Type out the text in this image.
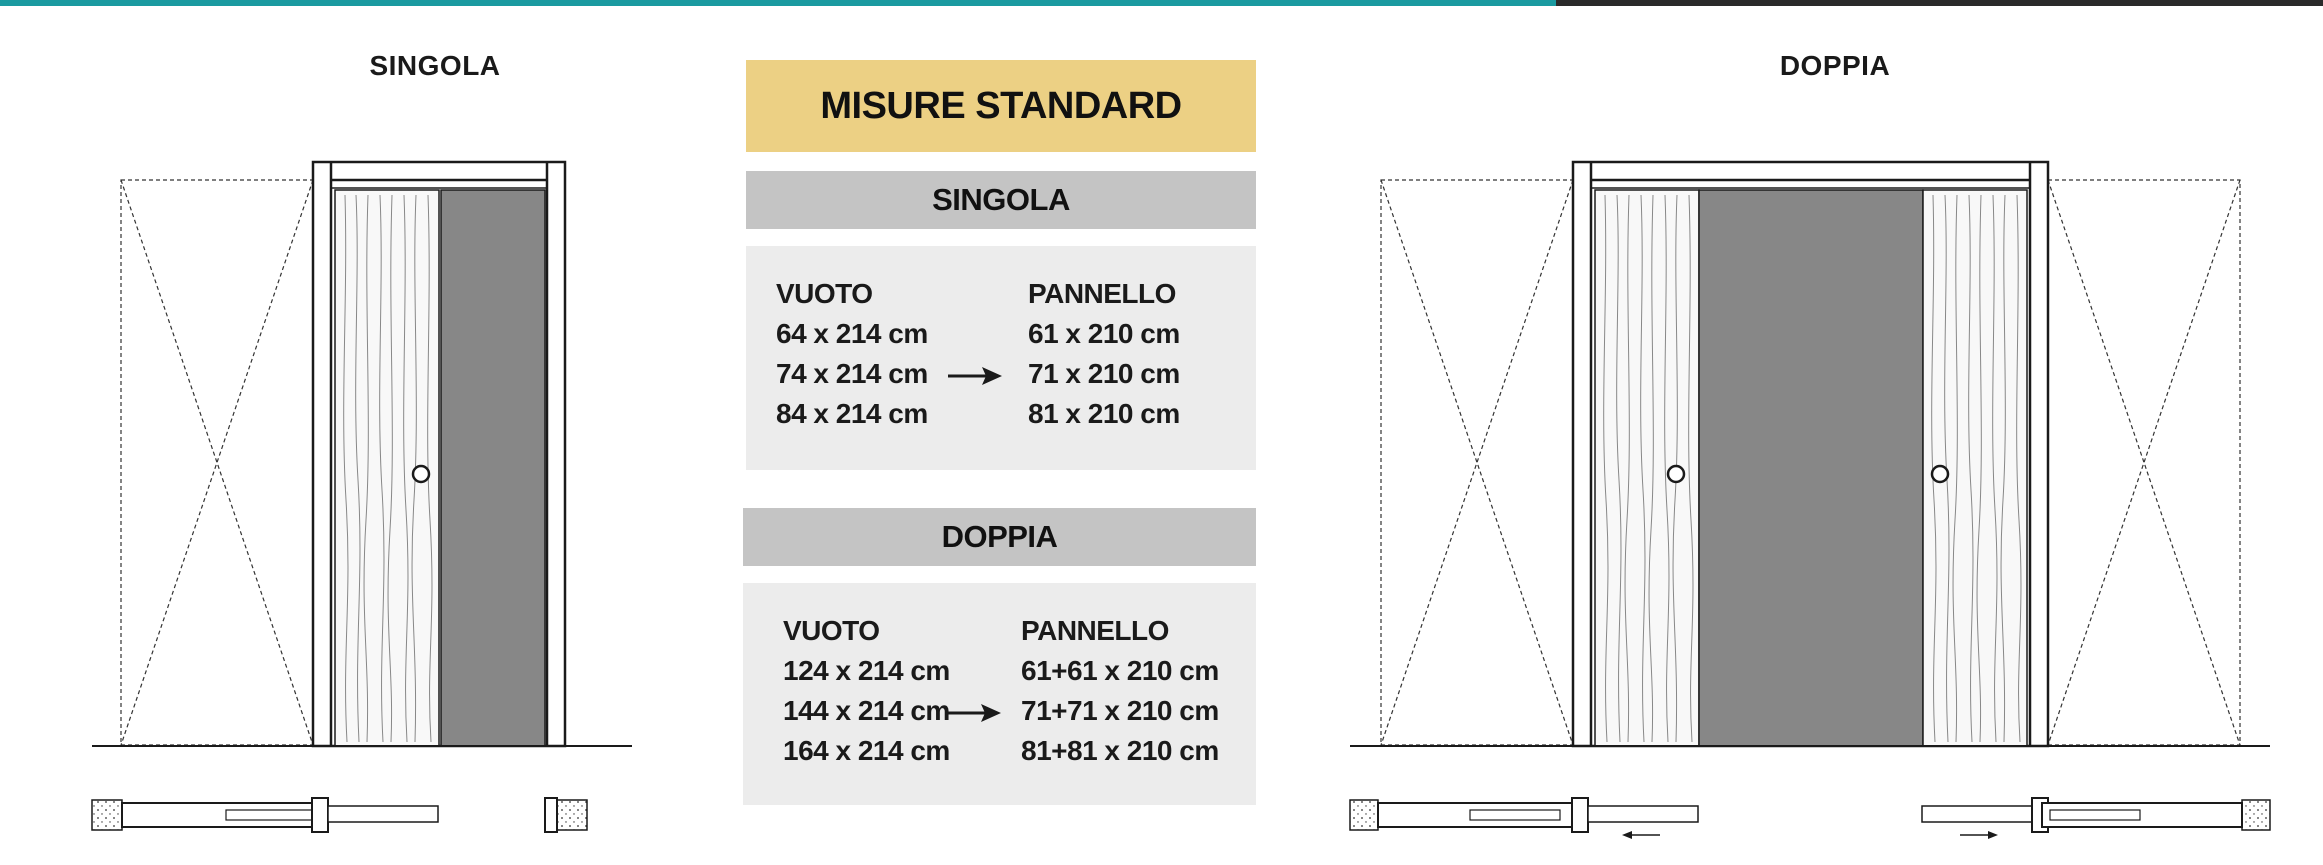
SINGOLA	DOPPIA
MISURE STANDARD
SINGOLA
VUOTO
64 x 214 cm
74 x 214 cm
84 x 214 cm
PANNELLO
61 x 210 cm
71 x 210 cm
81 x 210 cm
DOPPIA
VUOTO
124 x 214 cm
144 x 214 cm
164 x 214 cm
PANNELLO
61+61 x 210 cm
71+71 x 210 cm
81+81 x 210 cm
